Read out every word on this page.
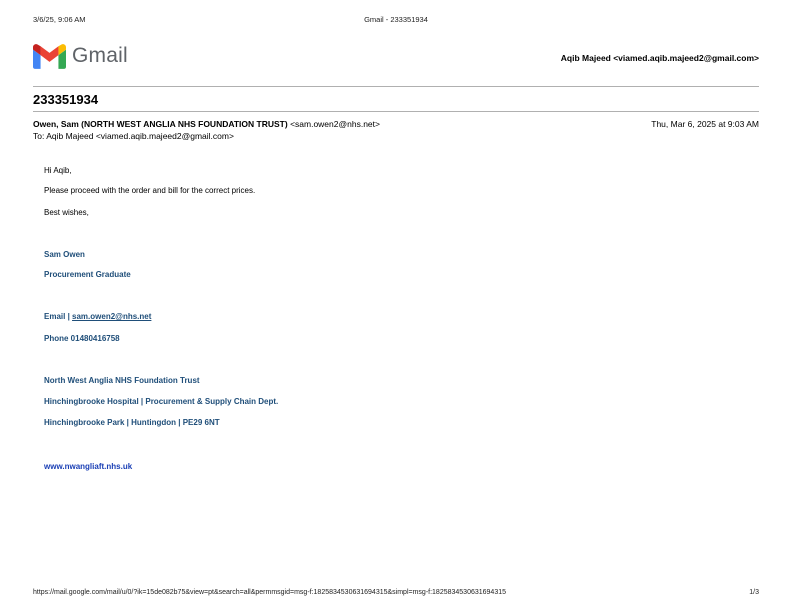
3/6/25, 9:06 AM	Gmail - 233351934
Gmail	Aqib Majeed <viamed.aqib.majeed2@gmail.com>
233351934
Owen, Sam (NORTH WEST ANGLIA NHS FOUNDATION TRUST) <sam.owen2@nhs.net>	Thu, Mar 6, 2025 at 9:03 AM
To: Aqib Majeed <viamed.aqib.majeed2@gmail.com>
Hi Aqib,
Please proceed with the order and bill for the correct prices.
Best wishes,
Sam Owen
Procurement Graduate
Email | sam.owen2@nhs.net
Phone 01480416758
North West Anglia NHS Foundation Trust
Hinchingbrooke Hospital | Procurement & Supply Chain Dept.
Hinchingbrooke Park | Huntingdon | PE29 6NT
www.nwangliaft.nhs.uk
https://mail.google.com/mail/u/0/?ik=15de082b75&view=pt&search=all&permmsgid=msg-f:1825834530631694315&simpl=msg-f:1825834530631694315	1/3
